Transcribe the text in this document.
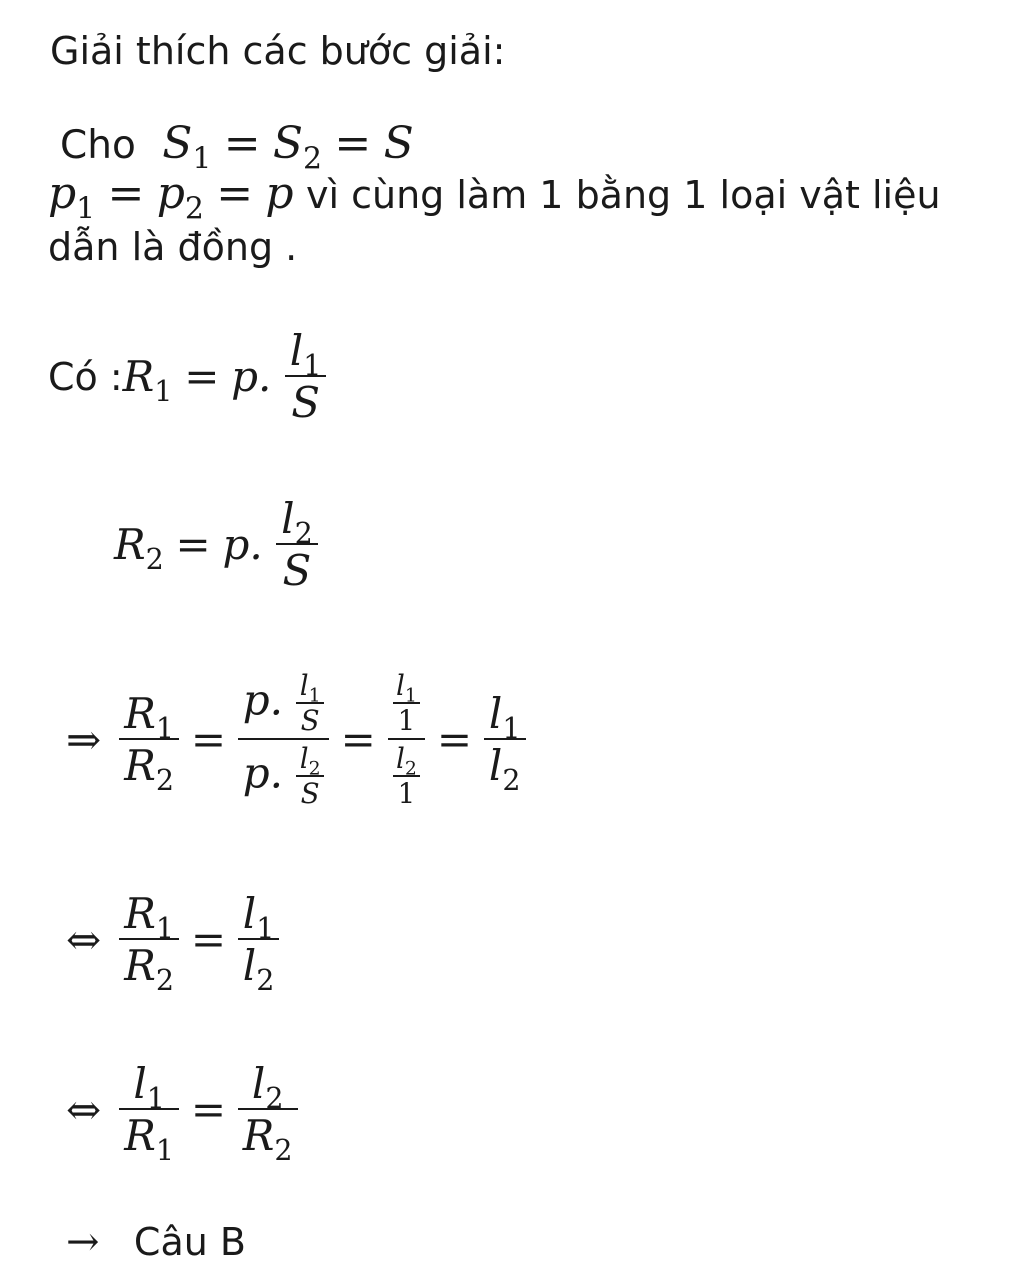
Giải thích các bước giải:
Cho  $S_1 = S_2 = S$
$p_1 = p_2 = p$ vì cùng làm 1 bằng 1 loại vật liệu
dẫn là đồng .
Có : $R_1 = p$. $\frac{l_1}{S}$
$R_2 = p$. $\frac{l_2}{S}$
⇒ $\frac{R_1}{R_2} = \frac{p. \frac{l_1}{S}}{p. \frac{l_2}{S}} = \frac{\frac{l_1}{1}}{\frac{l_2}{1}} = \frac{l_1}{l_2}$
⇔ $\frac{R_1}{R_2} = \frac{l_1}{l_2}$
⇔ $\frac{l_1}{R_1} = \frac{l_2}{R_2}$
→ Câu B
